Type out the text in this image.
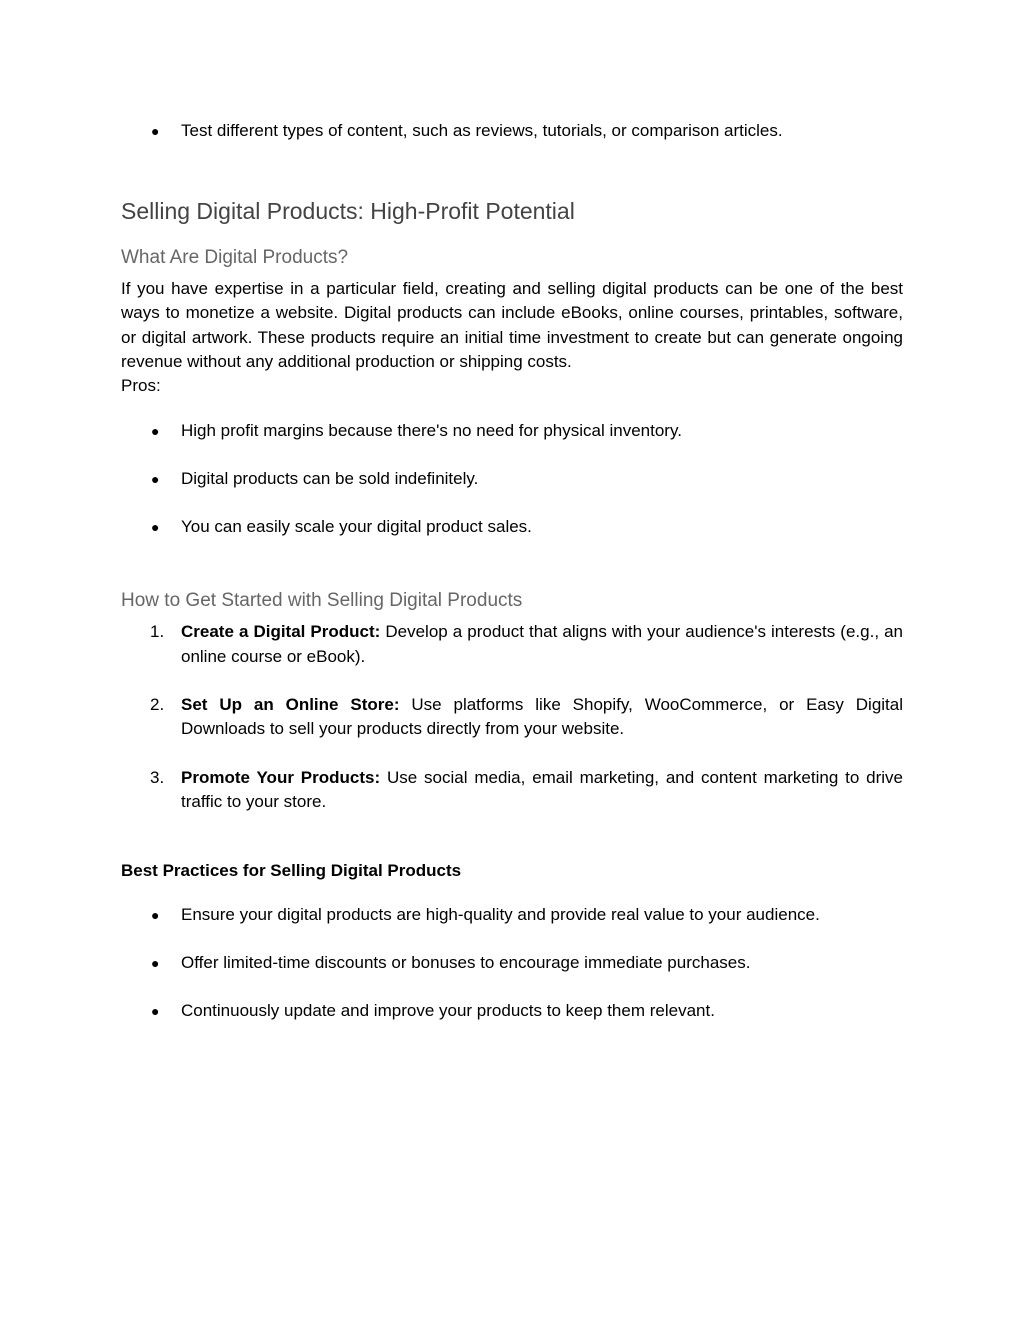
● Test different types of content, such as reviews, tutorials, or comparison articles.
Selling Digital Products: High-Profit Potential
What Are Digital Products?

If you have expertise in a particular field, creating and selling digital products can be one of the best ways to monetize a website. Digital products can include eBooks, online courses, printables, software, or digital artwork. These products require an initial time investment to create but can generate ongoing revenue without any additional production or shipping costs.

Pros:

● High profit margins because there's no need for physical inventory.
● Digital products can be sold indefinitely.
● You can easily scale your digital product sales.
How to Get Started with Selling Digital Products
1. Create a Digital Product: Develop a product that aligns with your audience's interests (e.g., an online course or eBook).
2. Set Up an Online Store: Use platforms like Shopify, WooCommerce, or Easy Digital Downloads to sell your products directly from your website.
3. Promote Your Products: Use social media, email marketing, and content marketing to drive traffic to your store.
Best Practices for Selling Digital Products
● Ensure your digital products are high-quality and provide real value to your audience.
● Offer limited-time discounts or bonuses to encourage immediate purchases.
● Continuously update and improve your products to keep them relevant.
